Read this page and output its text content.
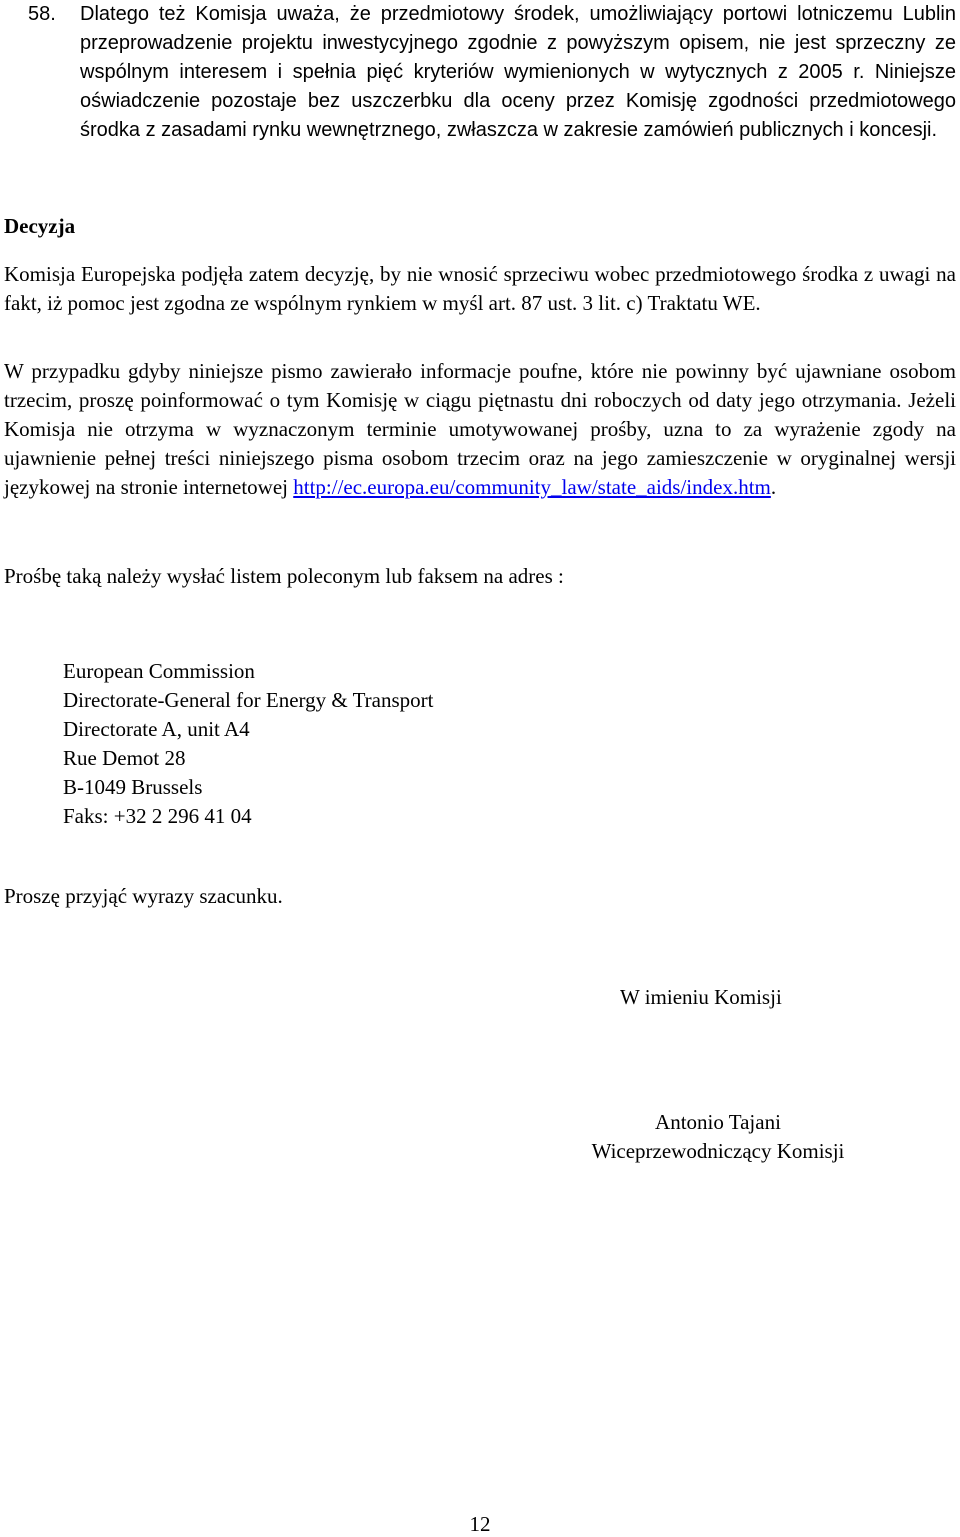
58.	Dlatego też Komisja uważa, że przedmiotowy środek, umożliwiający portowi lotniczemu Lublin przeprowadzenie projektu inwestycyjnego zgodnie z powyższym opisem, nie jest sprzeczny ze wspólnym interesem i spełnia pięć kryteriów wymienionych w wytycznych z 2005 r. Niniejsze oświadczenie pozostaje bez uszczerbku dla oceny przez Komisję zgodności przedmiotowego środka z zasadami rynku wewnętrznego, zwłaszcza w zakresie zamówień publicznych i koncesji.

Decyzja

Komisja Europejska podjęła zatem decyzję, by nie wnosić sprzeciwu wobec przedmiotowego środka z uwagi na fakt, iż pomoc jest zgodna ze wspólnym rynkiem w myśl art. 87 ust. 3 lit. c) Traktatu WE.

W przypadku gdyby niniejsze pismo zawierało informacje poufne, które nie powinny być ujawniane osobom trzecim, proszę poinformować o tym Komisję w ciągu piętnastu dni roboczych od daty jego otrzymania. Jeżeli Komisja nie otrzyma w wyznaczonym terminie umotywowanej prośby, uzna to za wyrażenie zgody na ujawnienie pełnej treści niniejszego pisma osobom trzecim oraz na jego zamieszczenie w oryginalnej wersji językowej na stronie internetowej http://ec.europa.eu/community_law/state_aids/index.htm.

Prośbę taką należy wysłać listem poleconym lub faksem na adres :

European Commission
Directorate-General for Energy & Transport
Directorate A, unit A4
Rue Demot 28
B-1049 Brussels
Faks: +32 2 296 41 04
Proszę przyjąć wyrazy szacunku.
W imieniu Komisji
Antonio Tajani
Wiceprzewodniczący Komisji
12
